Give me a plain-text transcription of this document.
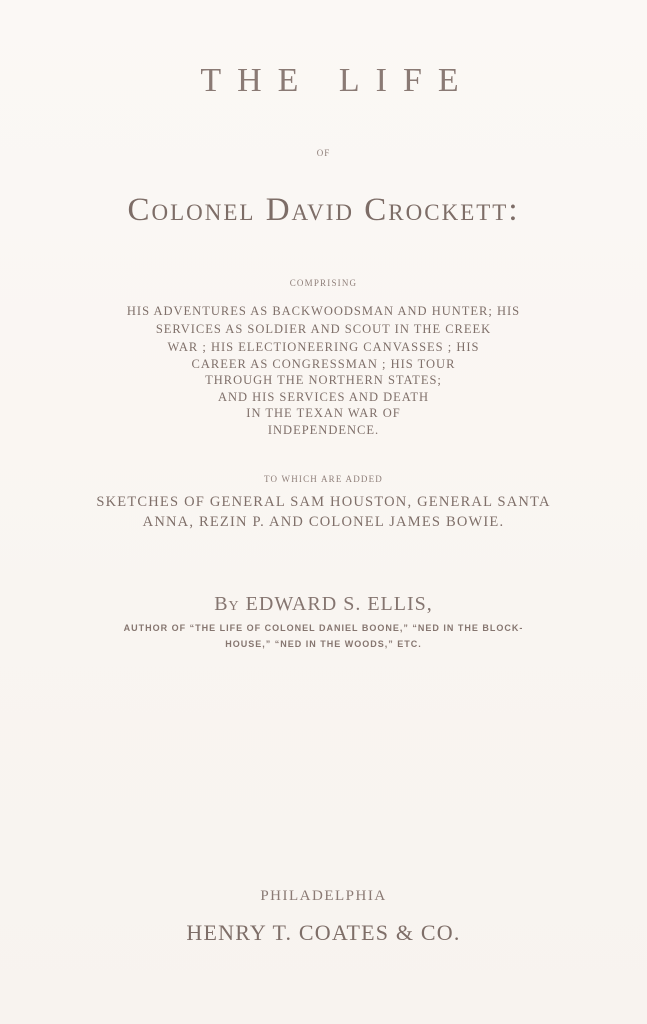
THE LIFE
OF
Colonel David Crockett:
COMPRISING
HIS ADVENTURES AS BACKWOODSMAN AND HUNTER; HIS
SERVICES AS SOLDIER AND SCOUT IN THE CREEK
WAR ; HIS ELECTIONEERING CANVASSES ; HIS
CAREER AS CONGRESSMAN ; HIS TOUR
THROUGH THE NORTHERN STATES;
AND HIS SERVICES AND DEATH
IN THE TEXAN WAR OF
INDEPENDENCE.
TO WHICH ARE ADDED
SKETCHES OF GENERAL SAM HOUSTON, GENERAL SANTA
ANNA, REZIN P. AND COLONEL JAMES BOWIE.
By EDWARD S. ELLIS,
AUTHOR OF “THE LIFE OF COLONEL DANIEL BOONE,” “NED IN THE BLOCK-
HOUSE,” “NED IN THE WOODS,” ETC.
PHILADELPHIA
HENRY T. COATES & CO.
